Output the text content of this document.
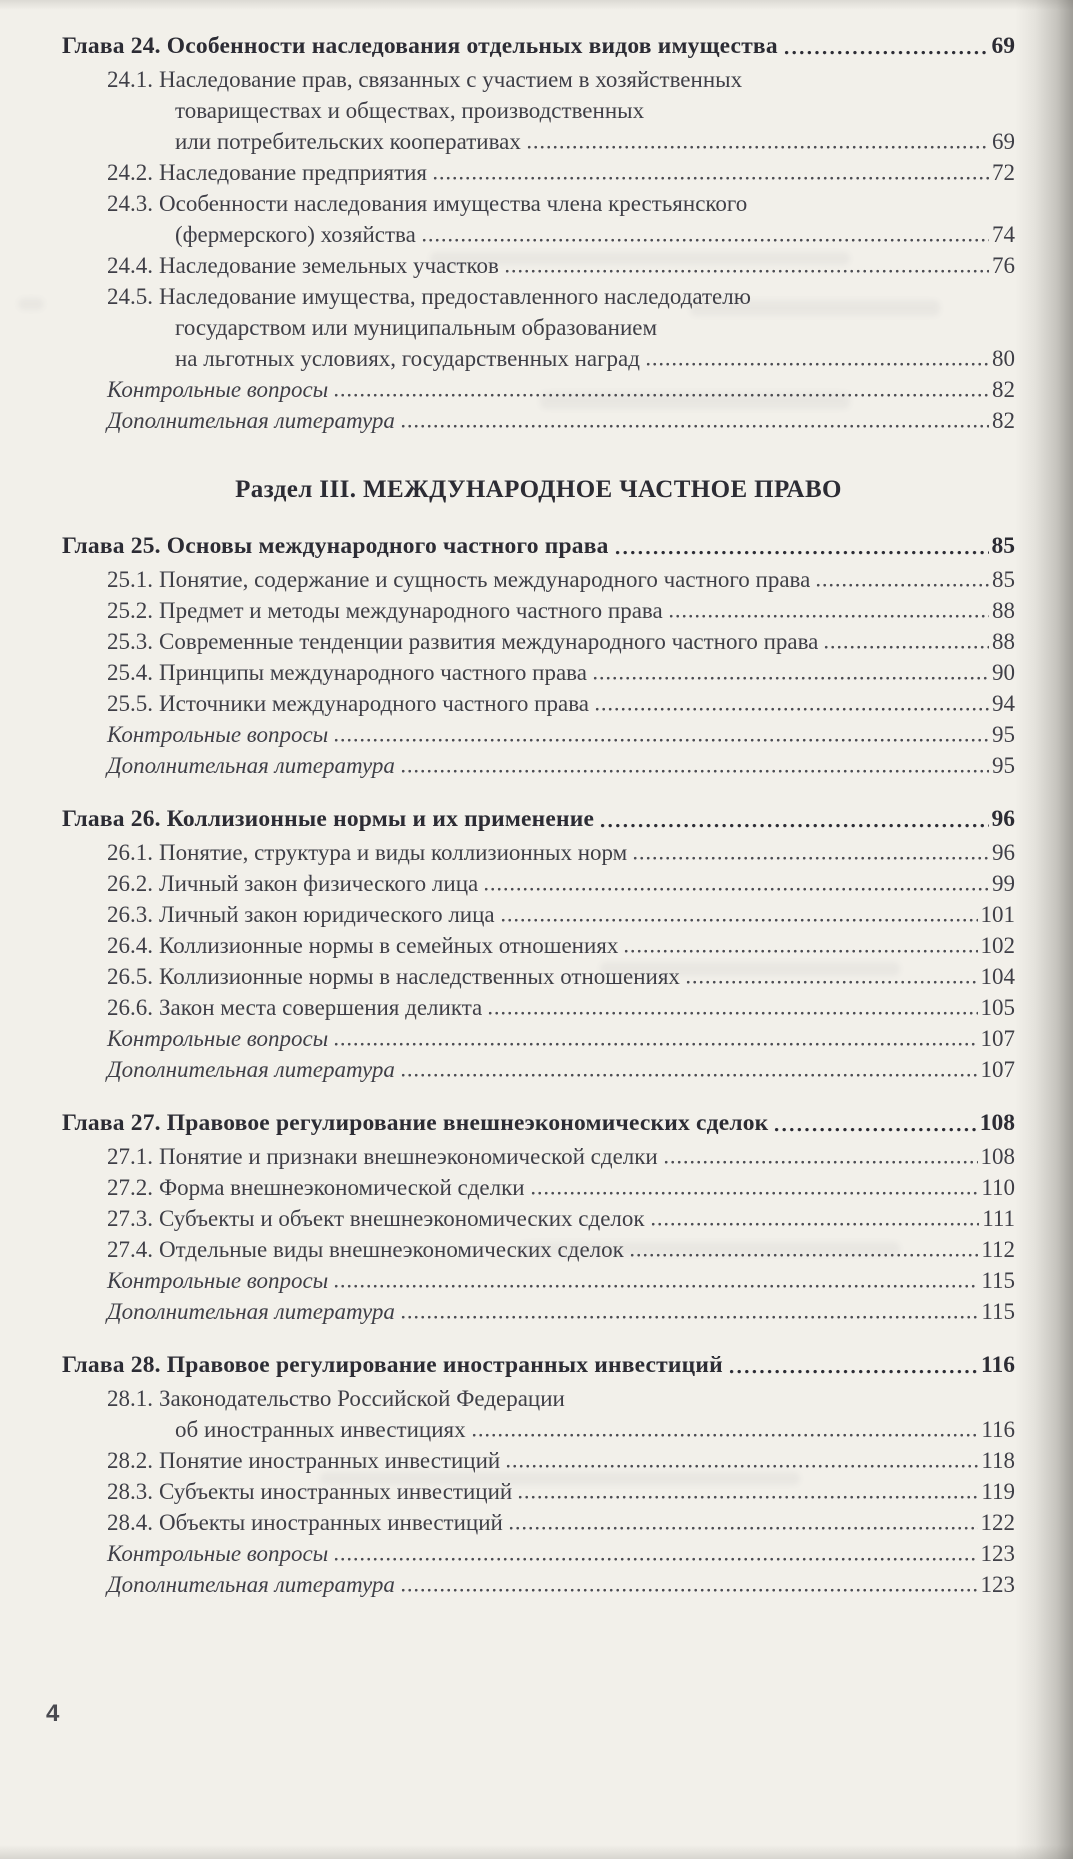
Глава 24. Особенности наследования отдельных видов имущества	69
24.1. Наследование прав, связанных с участием в хозяйственных
товариществах и обществах, производственных
или потребительских кооперативах	69
24.2. Наследование предприятия	72
24.3. Особенности наследования имущества члена крестьянского
(фермерского) хозяйства	74
24.4. Наследование земельных участков	76
24.5. Наследование имущества, предоставленного наследодателю
государством или муниципальным образованием
на льготных условиях, государственных наград	80
Контрольные вопросы	82
Дополнительная литература	82
Раздел III. МЕЖДУНАРОДНОЕ ЧАСТНОЕ ПРАВО
Глава 25. Основы международного частного права	85
25.1. Понятие, содержание и сущность международного частного права	85
25.2. Предмет и методы международного частного права	88
25.3. Современные тенденции развития международного частного права	88
25.4. Принципы международного частного права	90
25.5. Источники международного частного права	94
Контрольные вопросы	95
Дополнительная литература	95
Глава 26. Коллизионные нормы и их применение	96
26.1. Понятие, структура и виды коллизионных норм	96
26.2. Личный закон физического лица	99
26.3. Личный закон юридического лица	101
26.4. Коллизионные нормы в семейных отношениях	102
26.5. Коллизионные нормы в наследственных отношениях	104
26.6. Закон места совершения деликта	105
Контрольные вопросы	107
Дополнительная литература	107
Глава 27. Правовое регулирование внешнеэкономических сделок	108
27.1. Понятие и признаки внешнеэкономической сделки	108
27.2. Форма внешнеэкономической сделки	110
27.3. Субъекты и объект внешнеэкономических сделок	111
27.4. Отдельные виды внешнеэкономических сделок	112
Контрольные вопросы	115
Дополнительная литература	115
Глава 28. Правовое регулирование иностранных инвестиций	116
28.1. Законодательство Российской Федерации
об иностранных инвестициях	116
28.2. Понятие иностранных инвестиций	118
28.3. Субъекты иностранных инвестиций	119
28.4. Объекты иностранных инвестиций	122
Контрольные вопросы	123
Дополнительная литература	123
4
